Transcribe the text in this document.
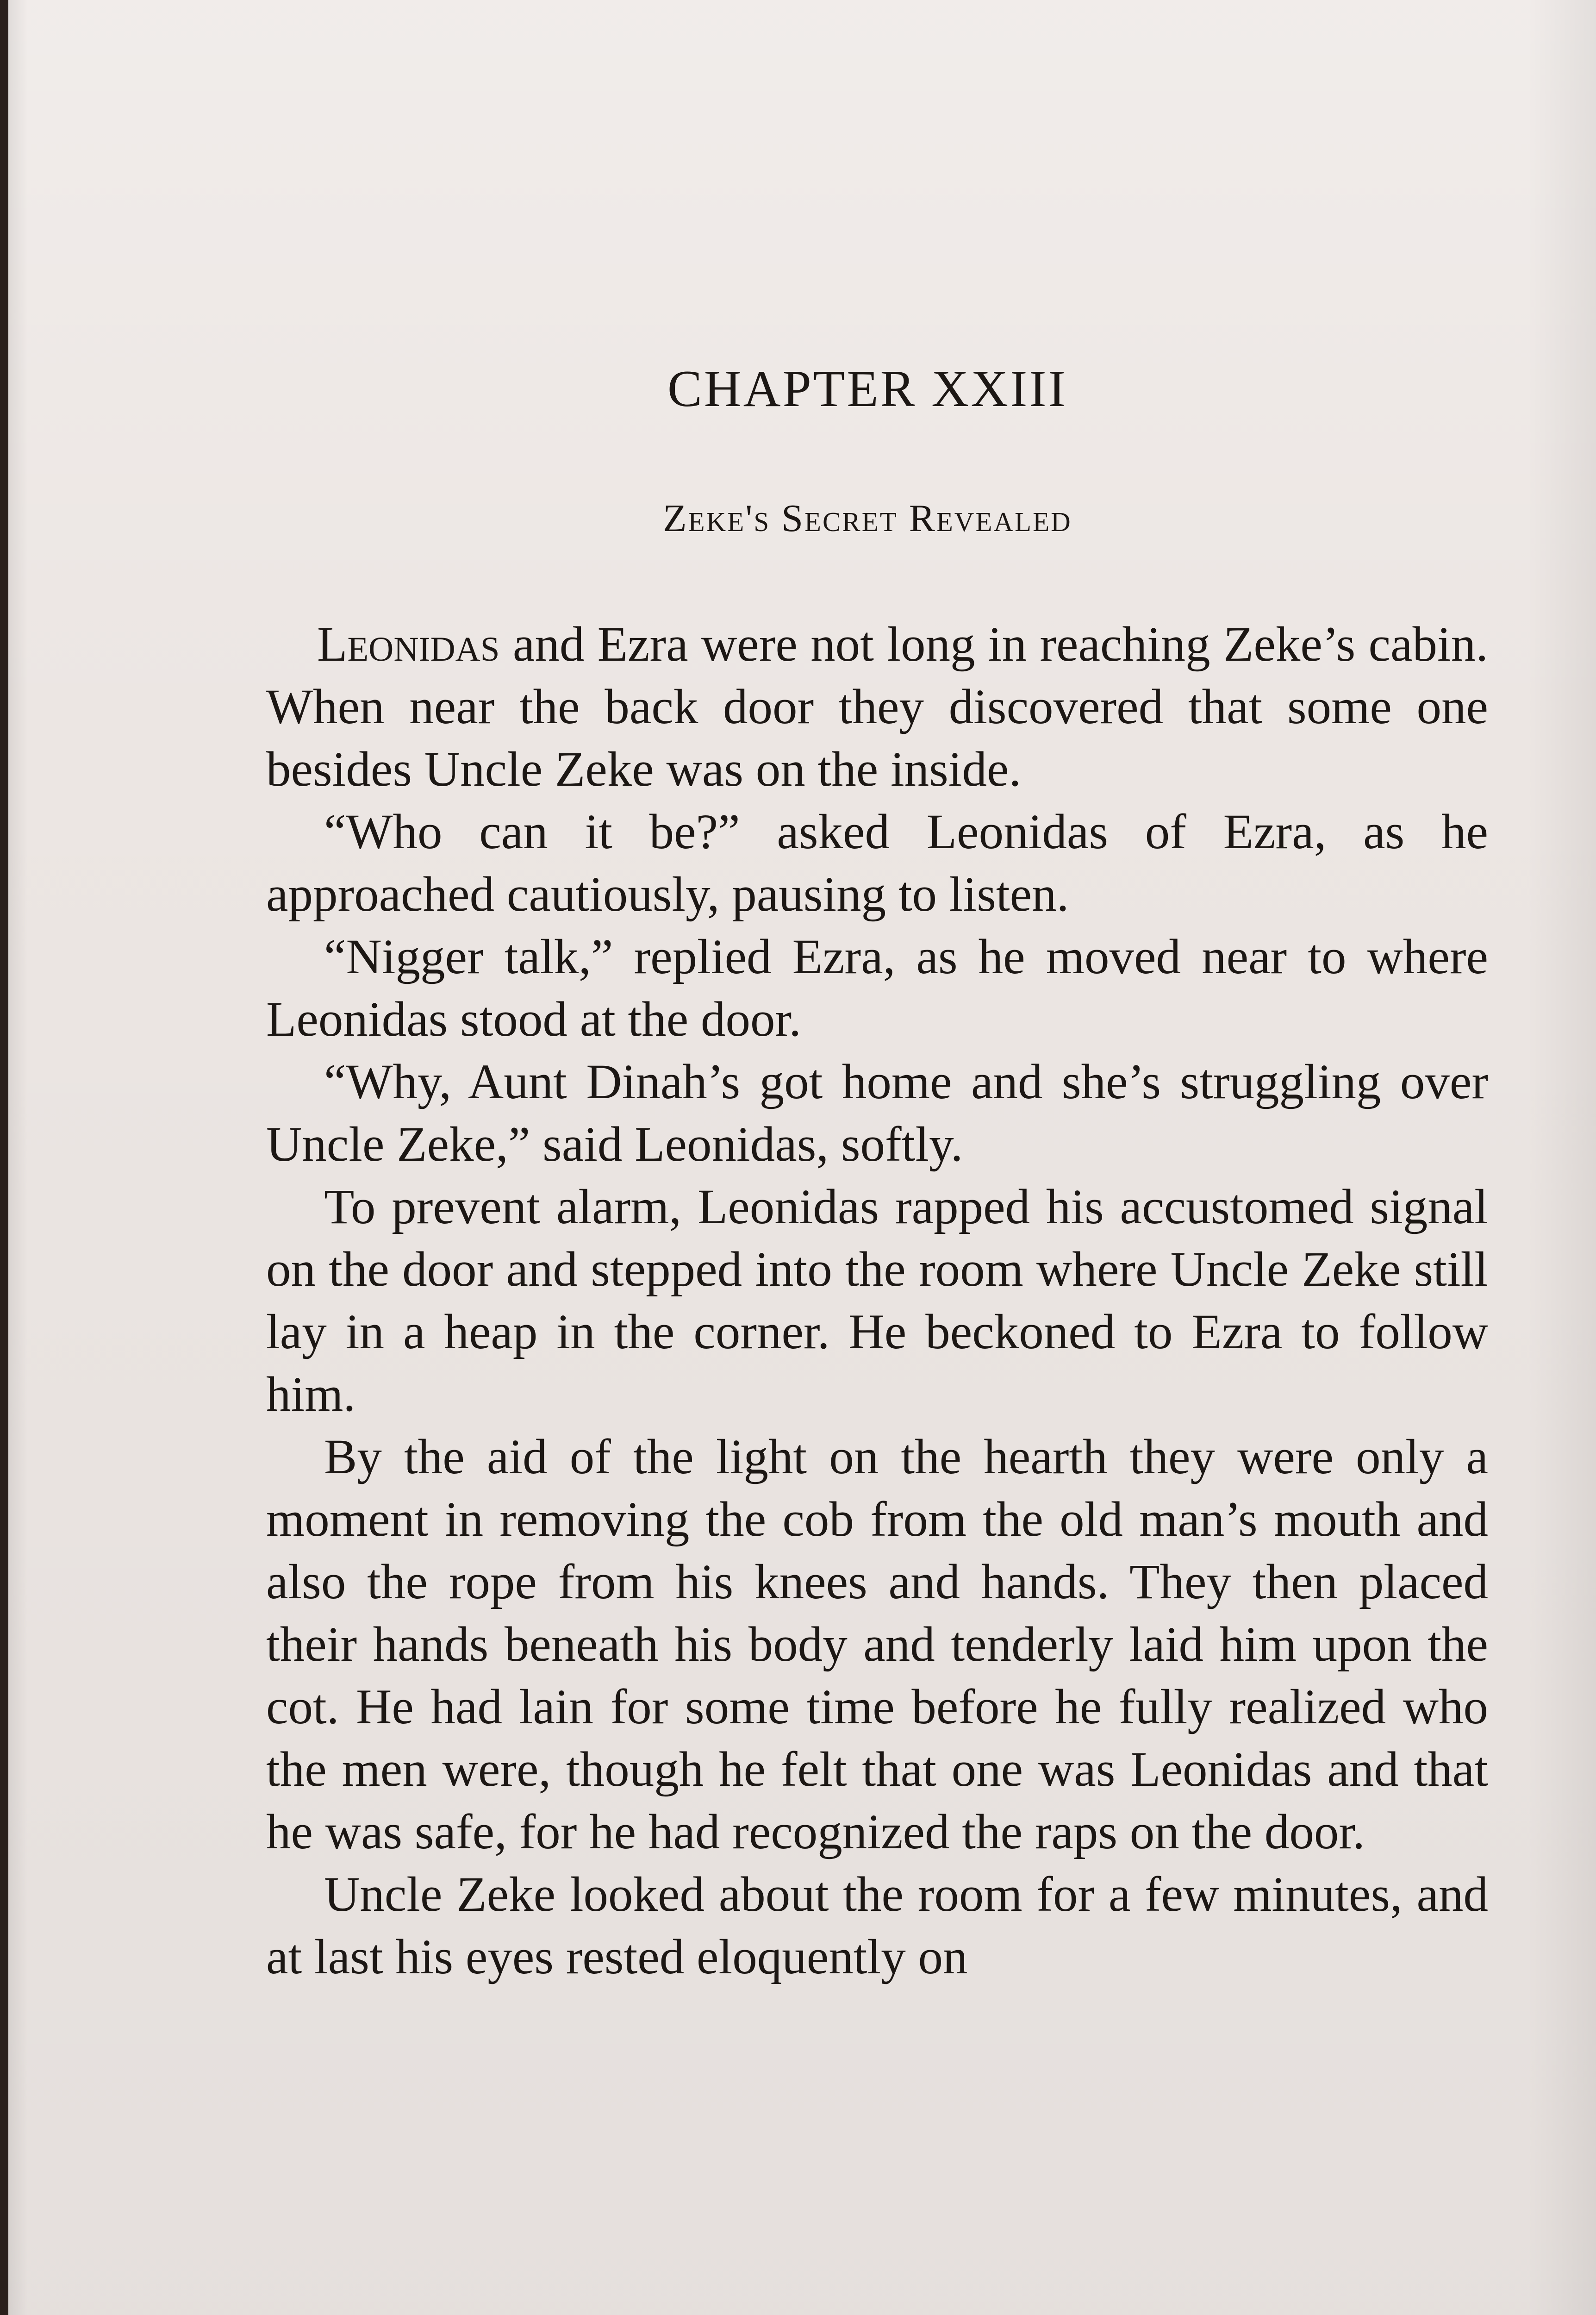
CHAPTER XXIII
Zeke's Secret Revealed

Leonidas and Ezra were not long in reaching Zeke’s cabin. When near the back door they discovered that some one besides Uncle Zeke was on the inside.

“Who can it be?” asked Leonidas of Ezra, as he approached cautiously, pausing to listen.

“Nigger talk,” replied Ezra, as he moved near to where Leonidas stood at the door.

“Why, Aunt Dinah’s got home and she’s struggling over Uncle Zeke,” said Leonidas, softly.

To prevent alarm, Leonidas rapped his accustomed signal on the door and stepped into the room where Uncle Zeke still lay in a heap in the corner. He beckoned to Ezra to follow him.

By the aid of the light on the hearth they were only a moment in removing the cob from the old man’s mouth and also the rope from his knees and hands. They then placed their hands beneath his body and tenderly laid him upon the cot. He had lain for some time before he fully realized who the men were, though he felt that one was Leonidas and that he was safe, for he had recognized the raps on the door.

Uncle Zeke looked about the room for a few minutes, and at last his eyes rested eloquently on
